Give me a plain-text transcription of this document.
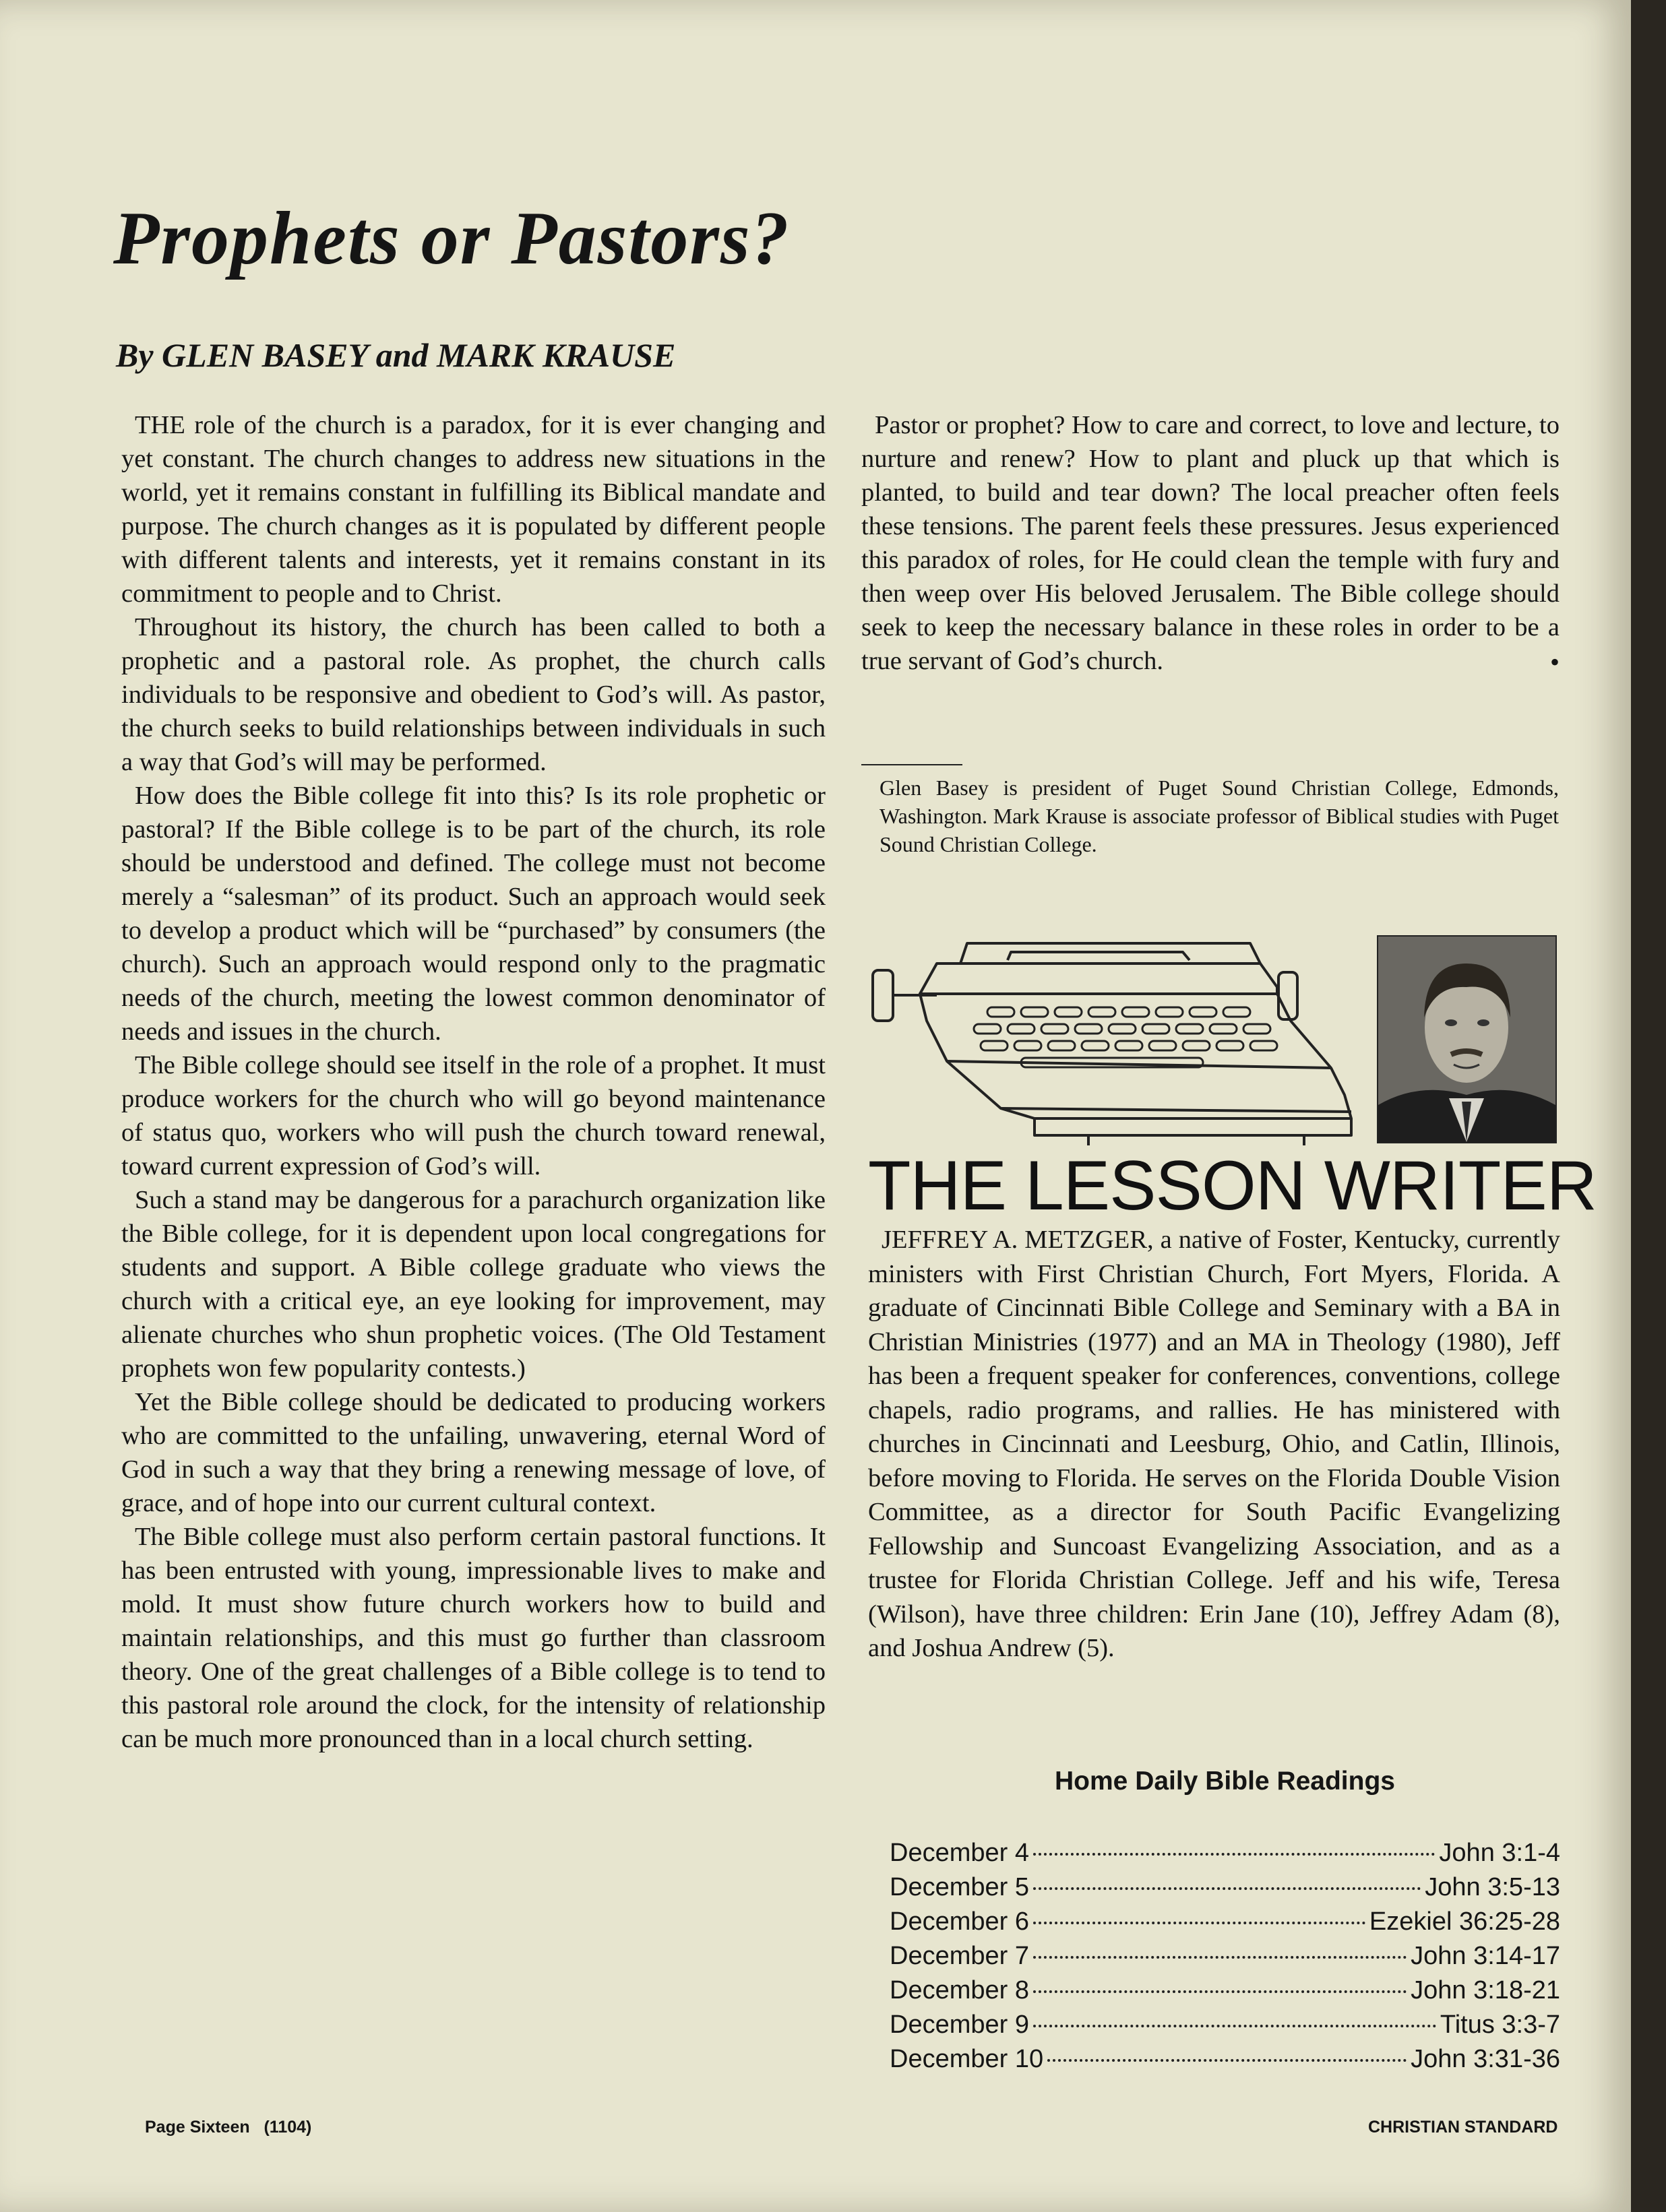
Prophets or Pastors?
By GLEN BASEY and MARK KRAUSE

THE role of the church is a paradox, for it is ever changing and yet constant. The church changes to address new situations in the world, yet it remains constant in fulfilling its Biblical mandate and purpose. The church changes as it is populated by different people with different talents and interests, yet it remains constant in its commitment to people and to Christ.

Throughout its history, the church has been called to both a prophetic and a pastoral role. As prophet, the church calls individuals to be responsive and obedient to God’s will. As pastor, the church seeks to build relationships between individuals in such a way that God’s will may be performed.

How does the Bible college fit into this? Is its role prophetic or pastoral? If the Bible college is to be part of the church, its role should be understood and defined. The college must not become merely a “salesman” of its product. Such an approach would seek to develop a product which will be “purchased” by consumers (the church). Such an approach would respond only to the pragmatic needs of the church, meeting the lowest common denominator of needs and issues in the church.

The Bible college should see itself in the role of a prophet. It must produce workers for the church who will go beyond maintenance of status quo, workers who will push the church toward renewal, toward current expression of God’s will.

Such a stand may be dangerous for a parachurch organization like the Bible college, for it is dependent upon local congregations for students and support. A Bible college graduate who views the church with a critical eye, an eye looking for improvement, may alienate churches who shun prophetic voices. (The Old Testament prophets won few popularity contests.)

Yet the Bible college should be dedicated to producing workers who are committed to the unfailing, unwavering, eternal Word of God in such a way that they bring a renewing message of love, of grace, and of hope into our current cultural context.

The Bible college must also perform certain pastoral functions. It has been entrusted with young, impressionable lives to make and mold. It must show future church workers how to build and maintain relationships, and this must go further than classroom theory. One of the great challenges of a Bible college is to tend to this pastoral role around the clock, for the intensity of relationship can be much more pronounced than in a local church setting.

Pastor or prophet? How to care and correct, to love and lecture, to nurture and renew? How to plant and pluck up that which is planted, to build and tear down? The local preacher often feels these tensions. The parent feels these pressures. Jesus experienced this paradox of roles, for He could clean the temple with fury and then weep over His beloved Jerusalem. The Bible college should seek to keep the necessary balance in these roles in order to be a true servant of God’s church.	•

Glen Basey is president of Puget Sound Christian College, Edmonds, Washington. Mark Krause is associate professor of Biblical studies with Puget Sound Christian College.

THE LESSON WRITER

JEFFREY A. METZGER, a native of Foster, Kentucky, currently ministers with First Christian Church, Fort Myers, Florida. A graduate of Cincinnati Bible College and Seminary with a BA in Christian Ministries (1977) and an MA in Theology (1980), Jeff has been a frequent speaker for conferences, conventions, college chapels, radio programs, and rallies. He has ministered with churches in Cincinnati and Leesburg, Ohio, and Catlin, Illinois, before moving to Florida. He serves on the Florida Double Vision Committee, as a director for South Pacific Evangelizing Fellowship and Suncoast Evangelizing Association, and as a trustee for Florida Christian College. Jeff and his wife, Teresa (Wilson), have three children: Erin Jane (10), Jeffrey Adam (8), and Joshua Andrew (5).

Home Daily Bible Readings
December 4	John 3:1-4
December 5	John 3:5-13
December 6	Ezekiel 36:25-28
December 7	John 3:14-17
December 8	John 3:18-21
December 9	Titus 3:3-7
December 10	John 3:31-36
Page Sixteen   (1104)	CHRISTIAN STANDARD
